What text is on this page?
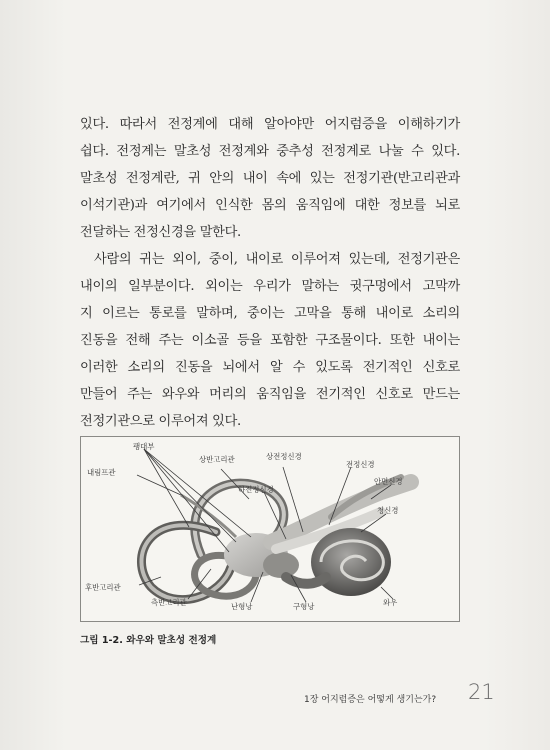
있다. 따라서 전정계에 대해 알아야만 어지럼증을 이해하기가

쉽다. 전정계는 말초성 전정계와 중추성 전정계로 나눌 수 있다.

말초성 전정계란, 귀 안의 내이 속에 있는 전정기관(반고리관과

이석기관)과 여기에서 인식한 몸의 움직임에 대한 정보를 뇌로

전달하는 전정신경을 말한다.

사람의 귀는 외이, 중이, 내이로 이루어져 있는데, 전정기관은

내이의 일부분이다. 외이는 우리가 말하는 귓구멍에서 고막까

지 이르는 통로를 말하며, 중이는 고막을 통해 내이로 소리의

진동을 전해 주는 이소골 등을 포함한 구조물이다. 또한 내이는

이러한 소리의 진동을 뇌에서 알 수 있도록 전기적인 신호로

만들어 주는 와우와 머리의 움직임을 전기적인 신호로 만드는

전정기관으로 이루어져 있다.

팽대부
상반고리관	상전정신경
전정신경
내림프관
하전정신경
안면신경
청신경
후반고리관
측반고리관	난형낭	구형낭	와우
그림 1-2. 와우와 말초성 전정계
1장 어지럼증은 어떻게 생기는가? 21
